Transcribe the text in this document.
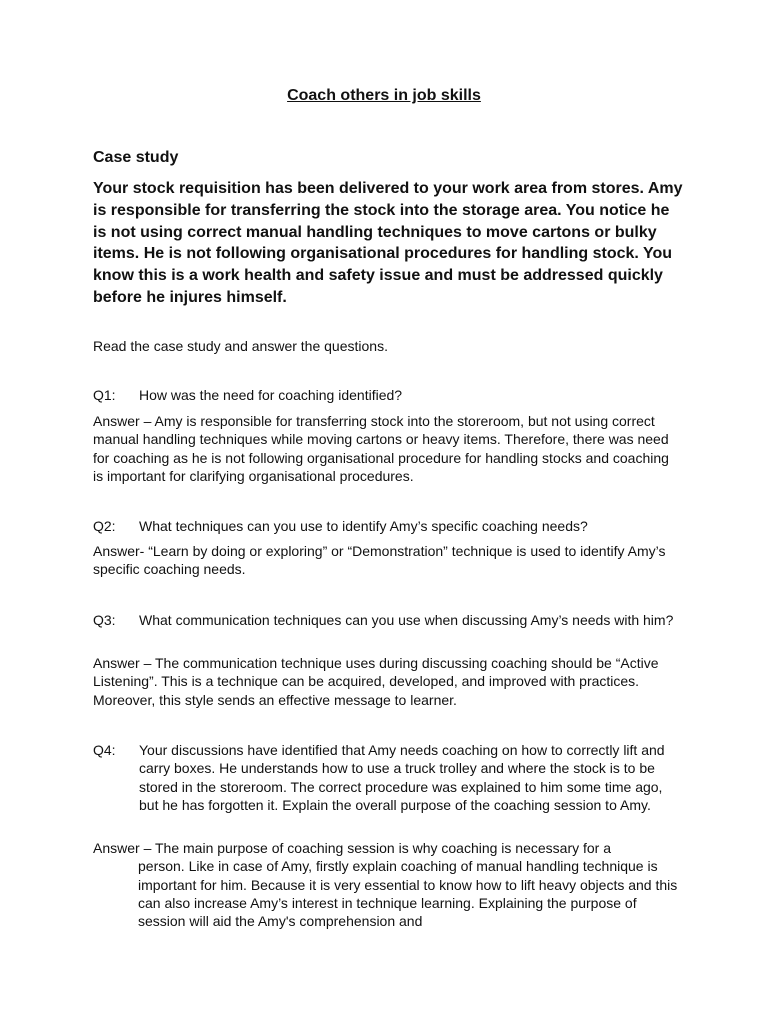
Coach others in job skills
Case study
Your stock requisition has been delivered to your work area from stores. Amy is responsible for transferring the stock into the storage area. You notice he is not using correct manual handling techniques to move cartons or bulky items. He is not following organisational procedures for handling stock. You know this is a work health and safety issue and must be addressed quickly before he injures himself.
Read the case study and answer the questions.
Q1: How was the need for coaching identified?
Answer – Amy is responsible for transferring stock into the storeroom, but not using correct manual handling techniques while moving cartons or heavy items. Therefore, there was need for coaching as he is not following organisational procedure for handling stocks and coaching is important for clarifying organisational procedures.
Q2: What techniques can you use to identify Amy’s specific coaching needs?
Answer- “Learn by doing or exploring” or “Demonstration” technique is used to identify Amy’s specific coaching needs.
Q3:	What communication techniques can you use when discussing Amy’s needs with him?
Answer – The communication technique uses during discussing coaching should be “Active Listening”. This is a technique can be acquired, developed, and improved with practices. Moreover, this style sends an effective message to learner.
Q4: Your discussions have identified that Amy needs coaching on how to correctly lift and carry boxes. He understands how to use a truck trolley and where the stock is to be stored in the storeroom. The correct procedure was explained to him some time ago, but he has forgotten it. Explain the overall purpose of the coaching session to Amy.
Answer – The main purpose of coaching session is why coaching is necessary for a
person. Like in case of Amy, firstly explain coaching of manual handling technique is important for him. Because it is very essential to know how to lift heavy objects and this can also increase Amy’s interest in technique learning. Explaining the purpose of session will aid the Amy's comprehension and
